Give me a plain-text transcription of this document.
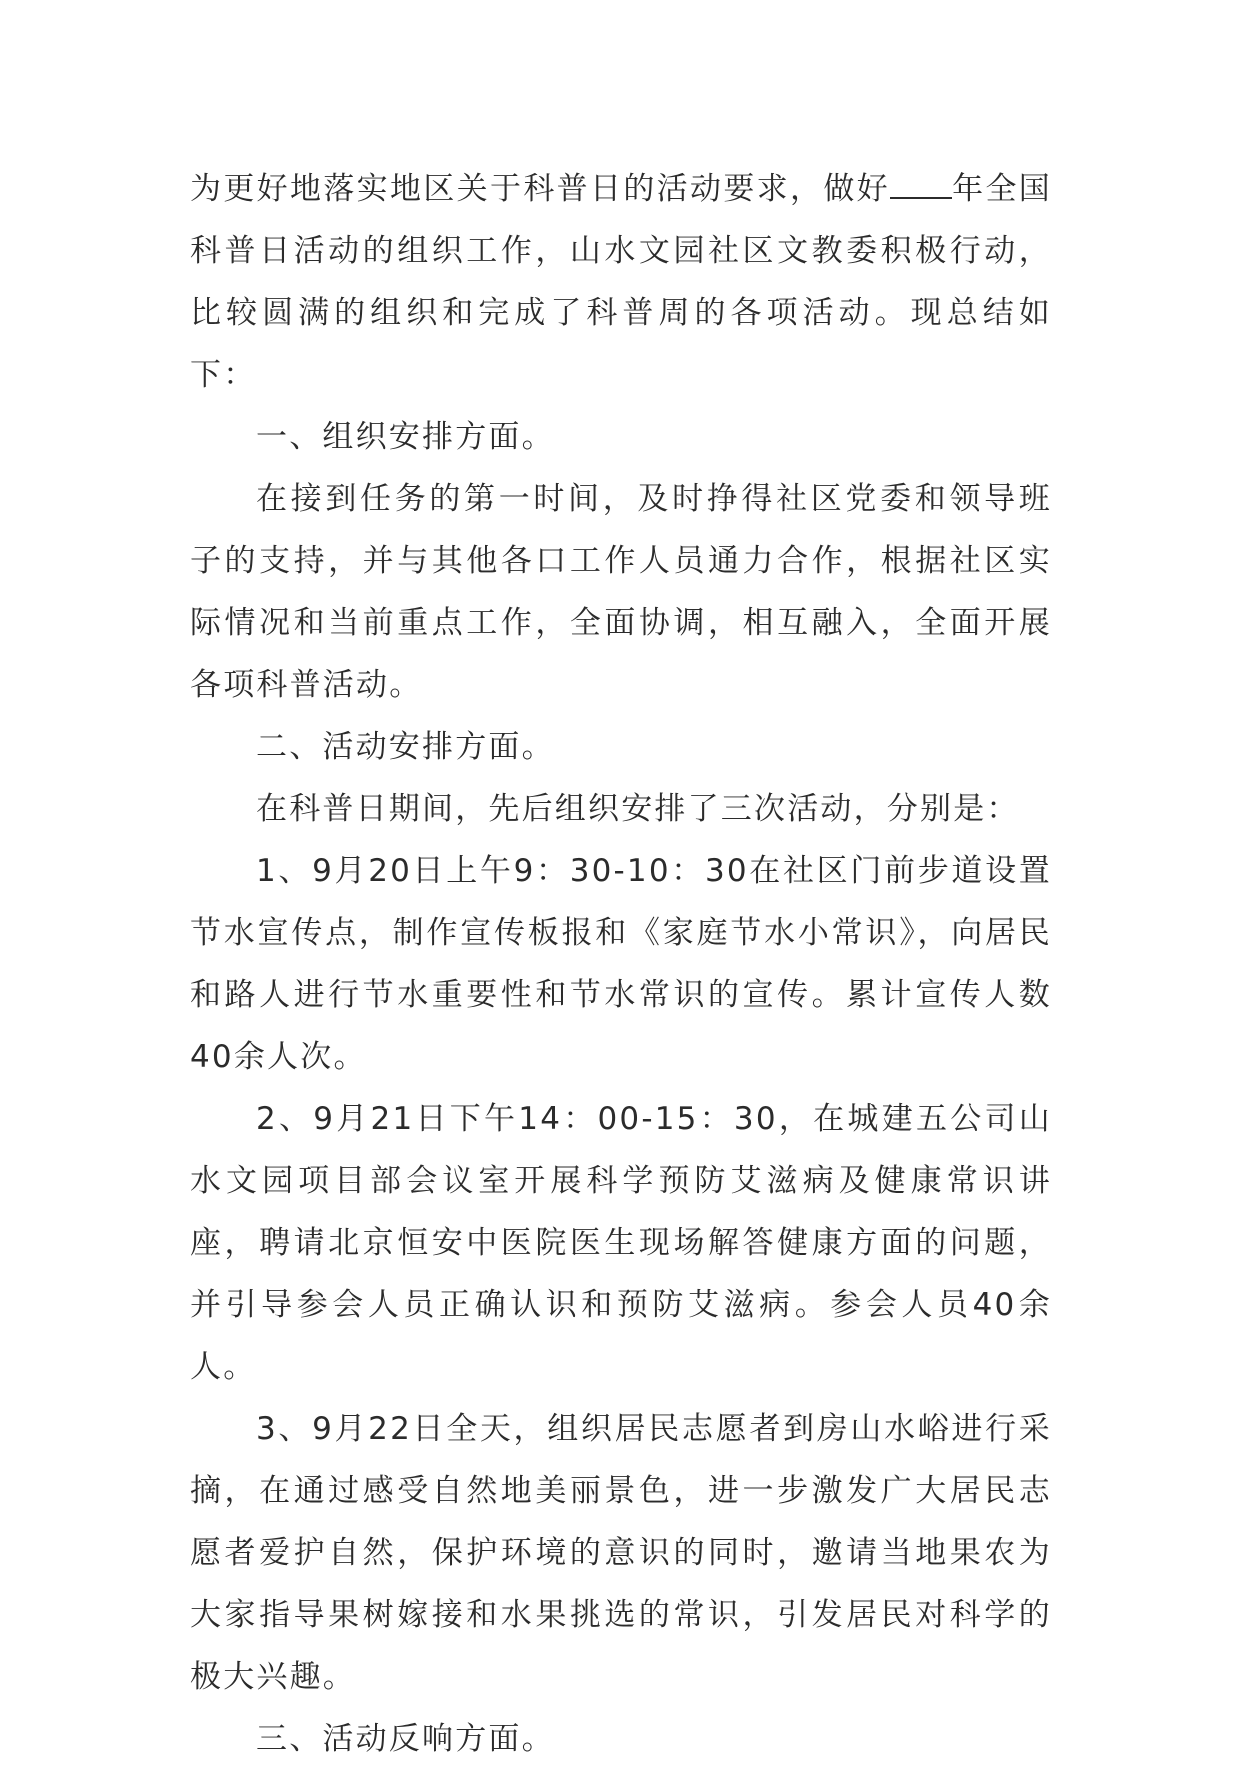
为更好地落实地区关于科普日的活动要求，做好 年全国科普日活动的组织工作，山水文园社区文教委积极行动，比较圆满的组织和完成了科普周的各项活动。现总结如下：

一、组织安排方面。

在接到任务的第一时间，及时挣得社区党委和领导班子的支持，并与其他各口工作人员通力合作，根据社区实际情况和当前重点工作，全面协调，相互融入，全面开展各项科普活动。

二、活动安排方面。

在科普日期间，先后组织安排了三次活动，分别是：

1、9月20日上午9：30-10：30在社区门前步道设置节水宣传点，制作宣传板报和《家庭节水小常识》，向居民和路人进行节水重要性和节水常识的宣传。累计宣传人数40余人次。

2、9月21日下午14：00-15：30，在城建五公司山水文园项目部会议室开展科学预防艾滋病及健康常识讲座，聘请北京恒安中医院医生现场解答健康方面的问题，并引导参会人员正确认识和预防艾滋病。参会人员40余人。

3、9月22日全天，组织居民志愿者到房山水峪进行采摘，在通过感受自然地美丽景色，进一步激发广大居民志愿者爱护自然，保护环境的意识的同时，邀请当地果农为大家指导果树嫁接和水果挑选的常识，引发居民对科学的极大兴趣。

三、活动反响方面。
